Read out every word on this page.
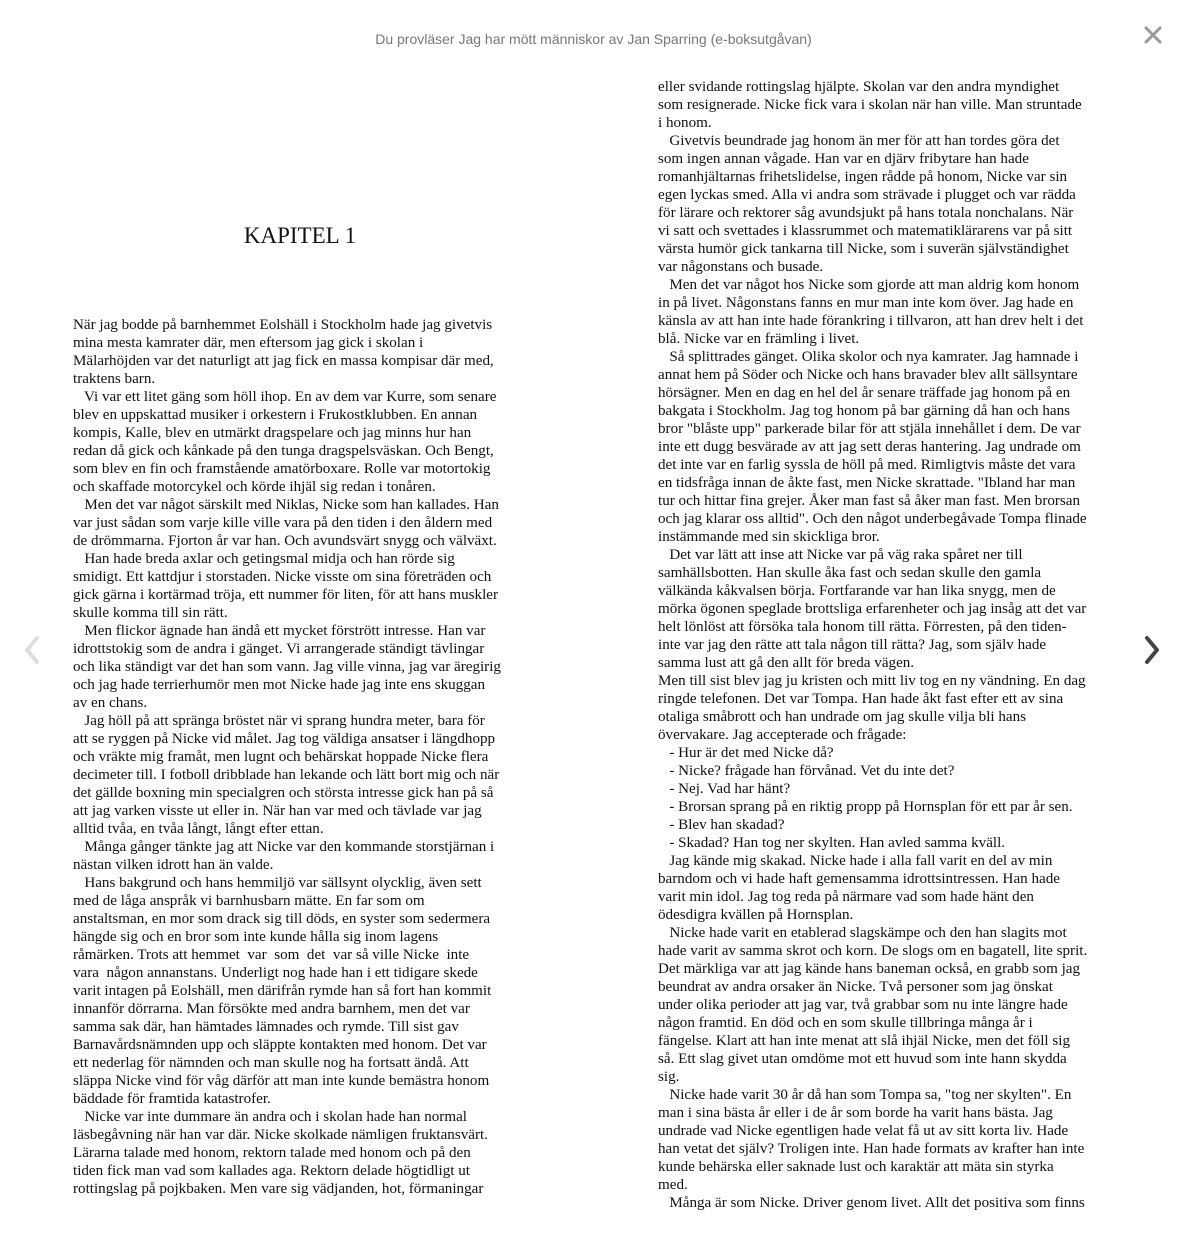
Du provläser Jag har mött människor av Jan Sparring (e-boksutgåvan)
KAPITEL 1

När jag bodde på barnhemmet Eolshäll i Stockholm hade jag givetvis
mina mesta kamrater där, men eftersom jag gick i skolan i
Mälarhöjden var det naturligt att jag fick en massa kompisar där med,
traktens barn.

Vi var ett litet gäng som höll ihop. En av dem var Kurre, som senare
blev en uppskattad musiker i orkestern i Frukostklubben. En annan
kompis, Kalle, blev en utmärkt dragspelare och jag minns hur han
redan då gick och kånkade på den tunga dragspelsväskan. Och Bengt,
som blev en fin och framstående amatörboxare. Rolle var motortokig
och skaffade motorcykel och körde ihjäl sig redan i tonåren.

Men det var något särskilt med Niklas, Nicke som han kallades. Han
var just sådan som varje kille ville vara på den tiden i den åldern med
de drömmarna. Fjorton år var han. Och avundsvärt snygg och välväxt.

Han hade breda axlar och getingsmal midja och han rörde sig
smidigt. Ett kattdjur i storstaden. Nicke visste om sina företräden och
gick gärna i kortärmad tröja, ett nummer för liten, för att hans muskler
skulle komma till sin rätt.

Men flickor ägnade han ändå ett mycket förstrött intresse. Han var
idrottstokig som de andra i gänget. Vi arrangerade ständigt tävlingar
och lika ständigt var det han som vann. Jag ville vinna, jag var äregirig
och jag hade terrierhumör men mot Nicke hade jag inte ens skuggan
av en chans.

Jag höll på att spränga bröstet när vi sprang hundra meter, bara för
att se ryggen på Nicke vid målet. Jag tog väldiga ansatser i längdhopp
och vräkte mig framåt, men lugnt och behärskat hoppade Nicke flera
decimeter till. I fotboll dribblade han lekande och lätt bort mig och när
det gällde boxning min specialgren och största intresse gick han på så
att jag varken visste ut eller in. När han var med och tävlade var jag
alltid tvåa, en tvåa långt, långt efter ettan.

Många gånger tänkte jag att Nicke var den kommande storstjärnan i
nästan vilken idrott han än valde.

Hans bakgrund och hans hemmiljö var sällsynt olycklig, även sett
med de låga anspråk vi barnhusbarn mätte. En far som om
anstaltsman, en mor som drack sig till döds, en syster som sedermera
hängde sig och en bror som inte kunde hålla sig inom lagens
råmärken. Trots att hemmet  var  som  det  var så ville Nicke  inte
vara  någon annanstans. Underligt nog hade han i ett tidigare skede
varit intagen på Eolshäll, men därifrån rymde han så fort han kommit
innanför dörrarna. Man försökte med andra barnhem, men det var
samma sak där, han hämtades lämnades och rymde. Till sist gav
Barnavårdsnämnden upp och släppte kontakten med honom. Det var
ett nederlag för nämnden och man skulle nog ha fortsatt ändå. Att
släppa Nicke vind för våg därför att man inte kunde bemästra honom
bäddade för framtida katastrofer.

Nicke var inte dummare än andra och i skolan hade han normal
läsbegåvning när han var där. Nicke skolkade nämligen fruktansvärt.
Lärarna talade med honom, rektorn talade med honom och på den
tiden fick man vad som kallades aga. Rektorn delade högtidligt ut
rottingslag på pojkbaken. Men vare sig vädjanden, hot, förmaningar

eller svidande rottingslag hjälpte. Skolan var den andra myndighet
som resignerade. Nicke fick vara i skolan när han ville. Man struntade
i honom.

Givetvis beundrade jag honom än mer för att han tordes göra det
som ingen annan vågade. Han var en djärv fribytare han hade
romanhjältarnas frihetslidelse, ingen rådde på honom, Nicke var sin
egen lyckas smed. Alla vi andra som strävade i plugget och var rädda
för lärare och rektorer såg avundsjukt på hans totala nonchalans. När
vi satt och svettades i klassrummet och matematiklärarens var på sitt
värsta humör gick tankarna till Nicke, som i suverän självständighet
var någonstans och busade.

Men det var något hos Nicke som gjorde att man aldrig kom honom
in på livet. Någonstans fanns en mur man inte kom över. Jag hade en
känsla av att han inte hade förankring i tillvaron, att han drev helt i det
blå. Nicke var en främling i livet.

Så splittrades gänget. Olika skolor och nya kamrater. Jag hamnade i
annat hem på Söder och Nicke och hans bravader blev allt sällsyntare
hörsägner. Men en dag en hel del år senare träffade jag honom på en
bakgata i Stockholm. Jag tog honom på bar gärning då han och hans
bror "blåste upp" parkerade bilar för att stjäla innehållet i dem. De var
inte ett dugg besvärade av att jag sett deras hantering. Jag undrade om
det inte var en farlig syssla de höll på med. Rimligtvis måste det vara
en tidsfråga innan de åkte fast, men Nicke skrattade. "Ibland har man
tur och hittar fina grejer. Åker man fast så åker man fast. Men brorsan
och jag klarar oss alltid". Och den något underbegåvade Tompa flinade
instämmande med sin skickliga bror.

Det var lätt att inse att Nicke var på väg raka spåret ner till
samhällsbotten. Han skulle åka fast och sedan skulle den gamla
välkända kåkvalsen börja. Fortfarande var han lika snygg, men de
mörka ögonen speglade brottsliga erfarenheter och jag insåg att det var
helt lönlöst att försöka tala honom till rätta. Förresten, på den tiden-
inte var jag den rätte att tala någon till rätta? Jag, som själv hade
samma lust att gå den allt för breda vägen.

Men till sist blev jag ju kristen och mitt liv tog en ny vändning. En dag
ringde telefonen. Det var Tompa. Han hade åkt fast efter ett av sina
otaliga småbrott och han undrade om jag skulle vilja bli hans
övervakare. Jag accepterade och frågade:

- Hur är det med Nicke då?

- Nicke? frågade han förvånad. Vet du inte det?

- Nej. Vad har hänt?

- Brorsan sprang på en riktig propp på Hornsplan för ett par år sen.

- Blev han skadad?

- Skadad? Han tog ner skylten. Han avled samma kväll.

Jag kände mig skakad. Nicke hade i alla fall varit en del av min
barndom och vi hade haft gemensamma idrottsintressen. Han hade
varit min idol. Jag tog reda på närmare vad som hade hänt den
ödesdigra kvällen på Hornsplan.

Nicke hade varit en etablerad slagskämpe och den han slagits mot
hade varit av samma skrot och korn. De slogs om en bagatell, lite sprit.
Det märkliga var att jag kände hans baneman också, en grabb som jag
beundrat av andra orsaker än Nicke. Två personer som jag önskat
under olika perioder att jag var, två grabbar som nu inte längre hade
någon framtid. En död och en som skulle tillbringa många år i
fängelse. Klart att han inte menat att slå ihjäl Nicke, men det föll sig
så. Ett slag givet utan omdöme mot ett huvud som inte hann skydda
sig.

Nicke hade varit 30 år då han som Tompa sa, "tog ner skylten". En
man i sina bästa år eller i de år som borde ha varit hans bästa. Jag
undrade vad Nicke egentligen hade velat få ut av sitt korta liv. Hade
han vetat det själv? Troligen inte. Han hade formats av krafter han inte
kunde behärska eller saknade lust och karaktär att mäta sin styrka
med.

Många är som Nicke. Driver genom livet. Allt det positiva som finns
